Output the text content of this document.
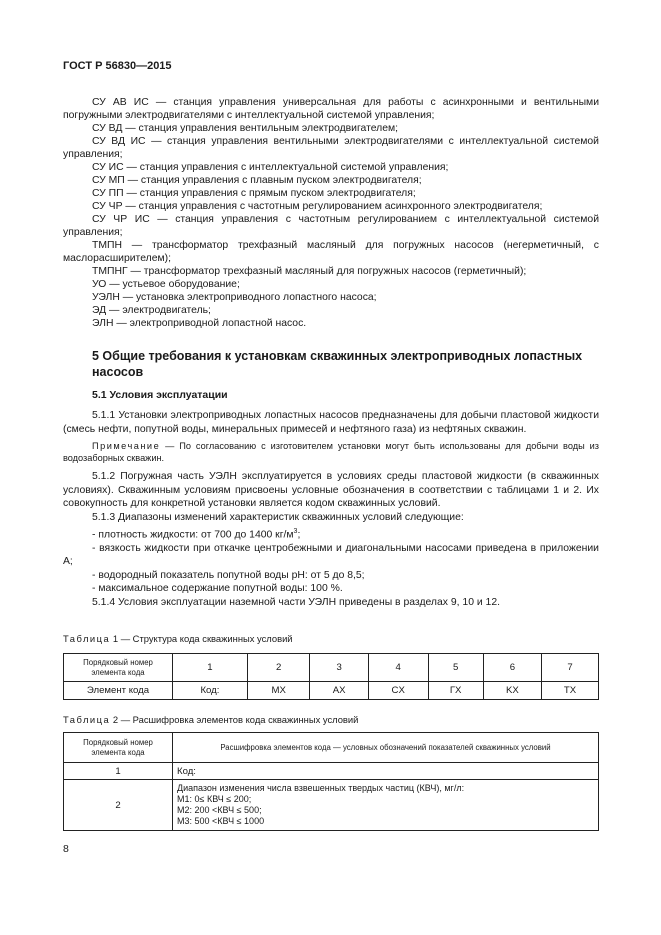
ГОСТ Р 56830—2015

СУ АВ ИС — станция управления универсальная для работы с асинхронными и вентильными погружными электродвигателями с интеллектуальной системой управления;

СУ ВД — станция управления вентильным электродвигателем;

СУ ВД ИС — станция управления вентильными электродвигателями с интеллектуальной системой управления;

СУ ИС — станция управления с интеллектуальной системой управления;

СУ МП — станция управления с плавным пуском электродвигателя;

СУ ПП — станция управления с прямым пуском электродвигателя;

СУ ЧР — станция управления с частотным регулированием асинхронного электродвигателя;

СУ ЧР ИС — станция управления с частотным регулированием с интеллектуальной системой управления;

ТМПН — трансформатор трехфазный масляный для погружных насосов (негерметичный, с маслорасширителем);

ТМПНГ — трансформатор трехфазный масляный для погружных насосов (герметичный);

УО — устьевое оборудование;

УЭЛН — установка электроприводного лопастного насоса;

ЭД — электродвигатель;

ЭЛН — электроприводной лопастной насос.

5 Общие требования к установкам скважинных электроприводных лопастных насосов
5.1 Условия эксплуатации

5.1.1 Установки электроприводных лопастных насосов предназначены для добычи пластовой жидкости (смесь нефти, попутной воды, минеральных примесей и нефтяного газа) из нефтяных скважин.

Примечание — По согласованию с изготовителем установки могут быть использованы для добычи воды из водозаборных скважин.

5.1.2 Погружная часть УЭЛН эксплуатируется в условиях среды пластовой жидкости (в скважинных условиях). Скважинным условиям присвоены условные обозначения в соответствии с таблицами 1 и 2. Их совокупность для конкретной установки является кодом скважинных условий.

5.1.3 Диапазоны изменений характеристик скважинных условий следующие:

- плотность жидкости: от 700 до 1400 $кг/м^3$;

- вязкость жидкости при откачке центробежными и диагональными насосами приведена в приложении А;

- водородный показатель попутной воды pH: от 5 до 8,5;

- максимальное содержание попутной воды: 100 %.

5.1.4 Условия эксплуатации наземной части УЭЛН приведены в разделах 9, 10 и 12.

Таблица 1 — Структура кода скважинных условий
Порядковый номер элемента кода	1	2	3	4	5	6	7
Элемент кода	Код:	MX	AX	CX	ГХ	KX	TX
Таблица 2 — Расшифровка элементов кода скважинных условий
Порядковый номер элемента кода	Расшифровка элементов кода — условных обозначений показателей скважинных условий
1	Код:
2	Диапазон изменения числа взвешенных твердых частиц (КВЧ), мг/л:
М1: 0≤ КВЧ ≤ 200;
М2: 200 <КВЧ ≤ 500;
М3: 500 <КВЧ ≤ 1000
8
